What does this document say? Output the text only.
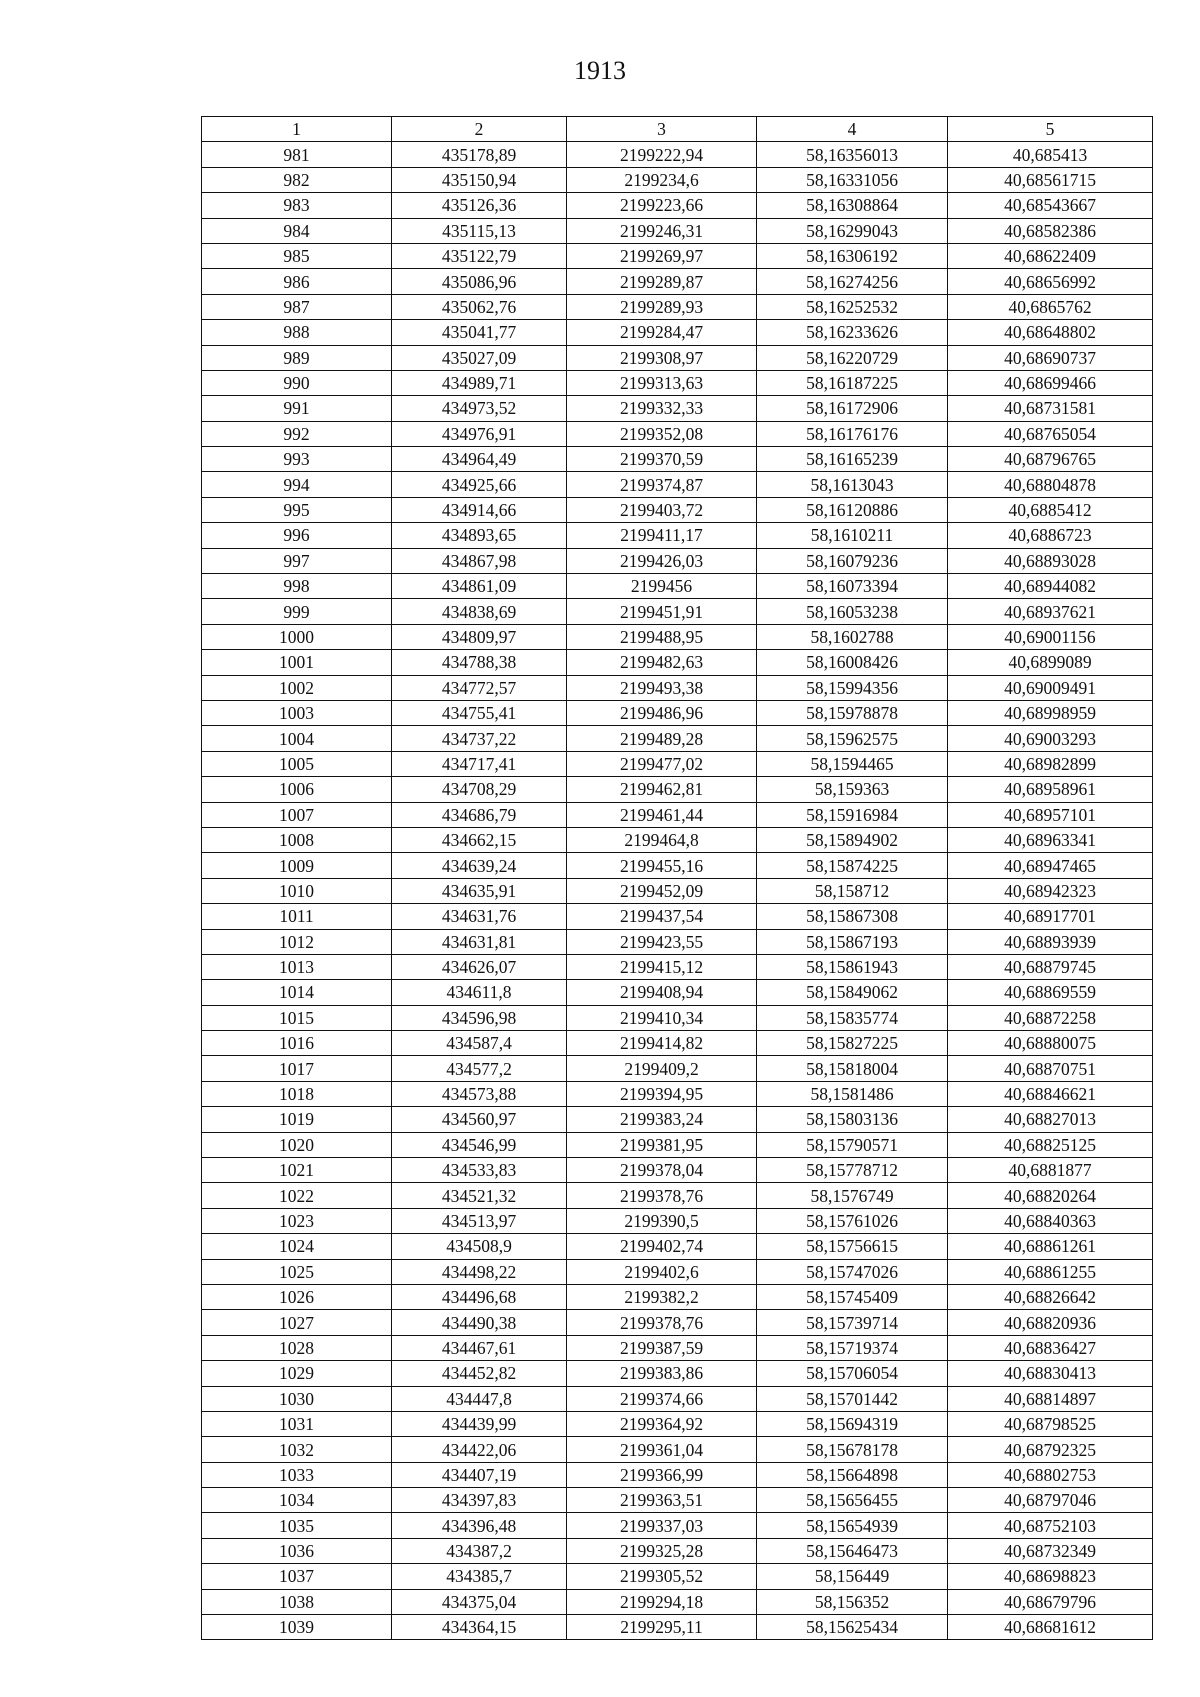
1913
1	2	3	4	5
981	435178,89	2199222,94	58,16356013	40,685413
982	435150,94	2199234,6	58,16331056	40,68561715
983	435126,36	2199223,66	58,16308864	40,68543667
984	435115,13	2199246,31	58,16299043	40,68582386
985	435122,79	2199269,97	58,16306192	40,68622409
986	435086,96	2199289,87	58,16274256	40,68656992
987	435062,76	2199289,93	58,16252532	40,6865762
988	435041,77	2199284,47	58,16233626	40,68648802
989	435027,09	2199308,97	58,16220729	40,68690737
990	434989,71	2199313,63	58,16187225	40,68699466
991	434973,52	2199332,33	58,16172906	40,68731581
992	434976,91	2199352,08	58,16176176	40,68765054
993	434964,49	2199370,59	58,16165239	40,68796765
994	434925,66	2199374,87	58,1613043	40,68804878
995	434914,66	2199403,72	58,16120886	40,6885412
996	434893,65	2199411,17	58,1610211	40,6886723
997	434867,98	2199426,03	58,16079236	40,68893028
998	434861,09	2199456	58,16073394	40,68944082
999	434838,69	2199451,91	58,16053238	40,68937621
1000	434809,97	2199488,95	58,1602788	40,69001156
1001	434788,38	2199482,63	58,16008426	40,6899089
1002	434772,57	2199493,38	58,15994356	40,69009491
1003	434755,41	2199486,96	58,15978878	40,68998959
1004	434737,22	2199489,28	58,15962575	40,69003293
1005	434717,41	2199477,02	58,1594465	40,68982899
1006	434708,29	2199462,81	58,159363	40,68958961
1007	434686,79	2199461,44	58,15916984	40,68957101
1008	434662,15	2199464,8	58,15894902	40,68963341
1009	434639,24	2199455,16	58,15874225	40,68947465
1010	434635,91	2199452,09	58,158712	40,68942323
1011	434631,76	2199437,54	58,15867308	40,68917701
1012	434631,81	2199423,55	58,15867193	40,68893939
1013	434626,07	2199415,12	58,15861943	40,68879745
1014	434611,8	2199408,94	58,15849062	40,68869559
1015	434596,98	2199410,34	58,15835774	40,68872258
1016	434587,4	2199414,82	58,15827225	40,68880075
1017	434577,2	2199409,2	58,15818004	40,68870751
1018	434573,88	2199394,95	58,1581486	40,68846621
1019	434560,97	2199383,24	58,15803136	40,68827013
1020	434546,99	2199381,95	58,15790571	40,68825125
1021	434533,83	2199378,04	58,15778712	40,6881877
1022	434521,32	2199378,76	58,1576749	40,68820264
1023	434513,97	2199390,5	58,15761026	40,68840363
1024	434508,9	2199402,74	58,15756615	40,68861261
1025	434498,22	2199402,6	58,15747026	40,68861255
1026	434496,68	2199382,2	58,15745409	40,68826642
1027	434490,38	2199378,76	58,15739714	40,68820936
1028	434467,61	2199387,59	58,15719374	40,68836427
1029	434452,82	2199383,86	58,15706054	40,68830413
1030	434447,8	2199374,66	58,15701442	40,68814897
1031	434439,99	2199364,92	58,15694319	40,68798525
1032	434422,06	2199361,04	58,15678178	40,68792325
1033	434407,19	2199366,99	58,15664898	40,68802753
1034	434397,83	2199363,51	58,15656455	40,68797046
1035	434396,48	2199337,03	58,15654939	40,68752103
1036	434387,2	2199325,28	58,15646473	40,68732349
1037	434385,7	2199305,52	58,156449	40,68698823
1038	434375,04	2199294,18	58,156352	40,68679796
1039	434364,15	2199295,11	58,15625434	40,68681612
